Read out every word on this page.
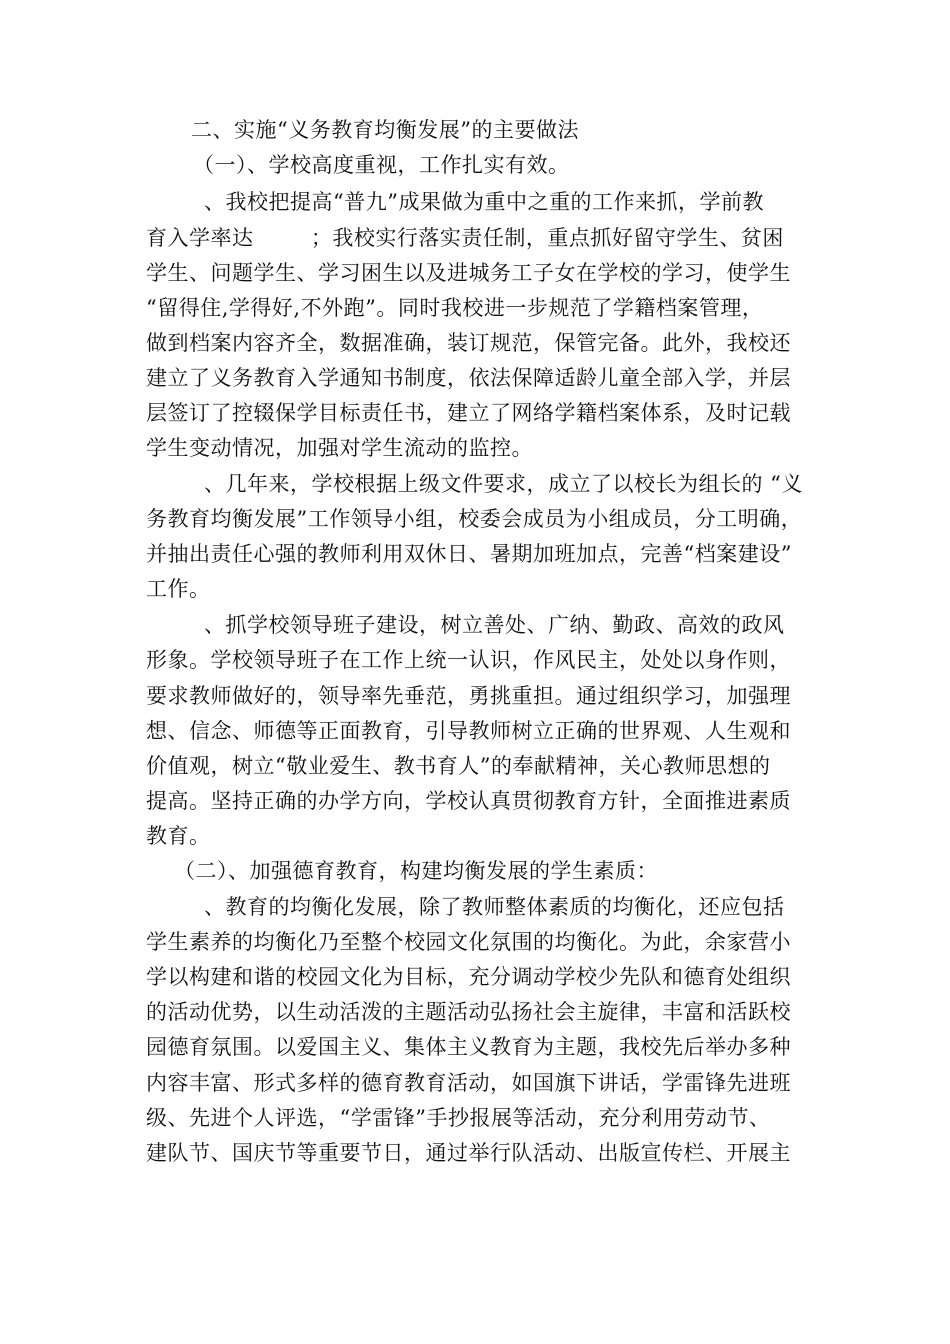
二、实施“义务教育均衡发展”的主要做法
（一）、学校高度重视，工作扎实有效。
、我校把提高“普九”成果做为重中之重的工作来抓，学前教
育入学率达        ；我校实行落实责任制，重点抓好留守学生、贫困
学生、问题学生、学习困生以及进城务工子女在学校的学习，使学生
“留得住,学得好,不外跑”。同时我校进一步规范了学籍档案管理，
做到档案内容齐全，数据准确，装订规范，保管完备。此外，我校还
建立了义务教育入学通知书制度，依法保障适龄儿童全部入学，并层
层签订了控辍保学目标责任书，建立了网络学籍档案体系，及时记载
学生变动情况，加强对学生流动的监控。
、几年来，学校根据上级文件要求，成立了以校长为组长的 “义
务教育均衡发展”工作领导小组，校委会成员为小组成员，分工明确，
并抽出责任心强的教师利用双休日、暑期加班加点，完善“档案建设”
工作。
、抓学校领导班子建设，树立善处、广纳、勤政、高效的政风
形象。学校领导班子在工作上统一认识，作风民主，处处以身作则，
要求教师做好的，领导率先垂范，勇挑重担。通过组织学习，加强理
想、信念、师德等正面教育，引导教师树立正确的世界观、人生观和
价值观，树立“敬业爱生、教书育人”的奉献精神，关心教师思想的
提高。坚持正确的办学方向，学校认真贯彻教育方针，全面推进素质
教育。
（二）、加强德育教育，构建均衡发展的学生素质：
、教育的均衡化发展，除了教师整体素质的均衡化，还应包括
学生素养的均衡化乃至整个校园文化氛围的均衡化。为此，余家营小
学以构建和谐的校园文化为目标，充分调动学校少先队和德育处组织
的活动优势，以生动活泼的主题活动弘扬社会主旋律，丰富和活跃校
园德育氛围。以爱国主义、集体主义教育为主题，我校先后举办多种
内容丰富、形式多样的德育教育活动，如国旗下讲话，学雷锋先进班
级、先进个人评选，“学雷锋”手抄报展等活动，充分利用劳动节、
建队节、国庆节等重要节日，通过举行队活动、出版宣传栏、开展主
